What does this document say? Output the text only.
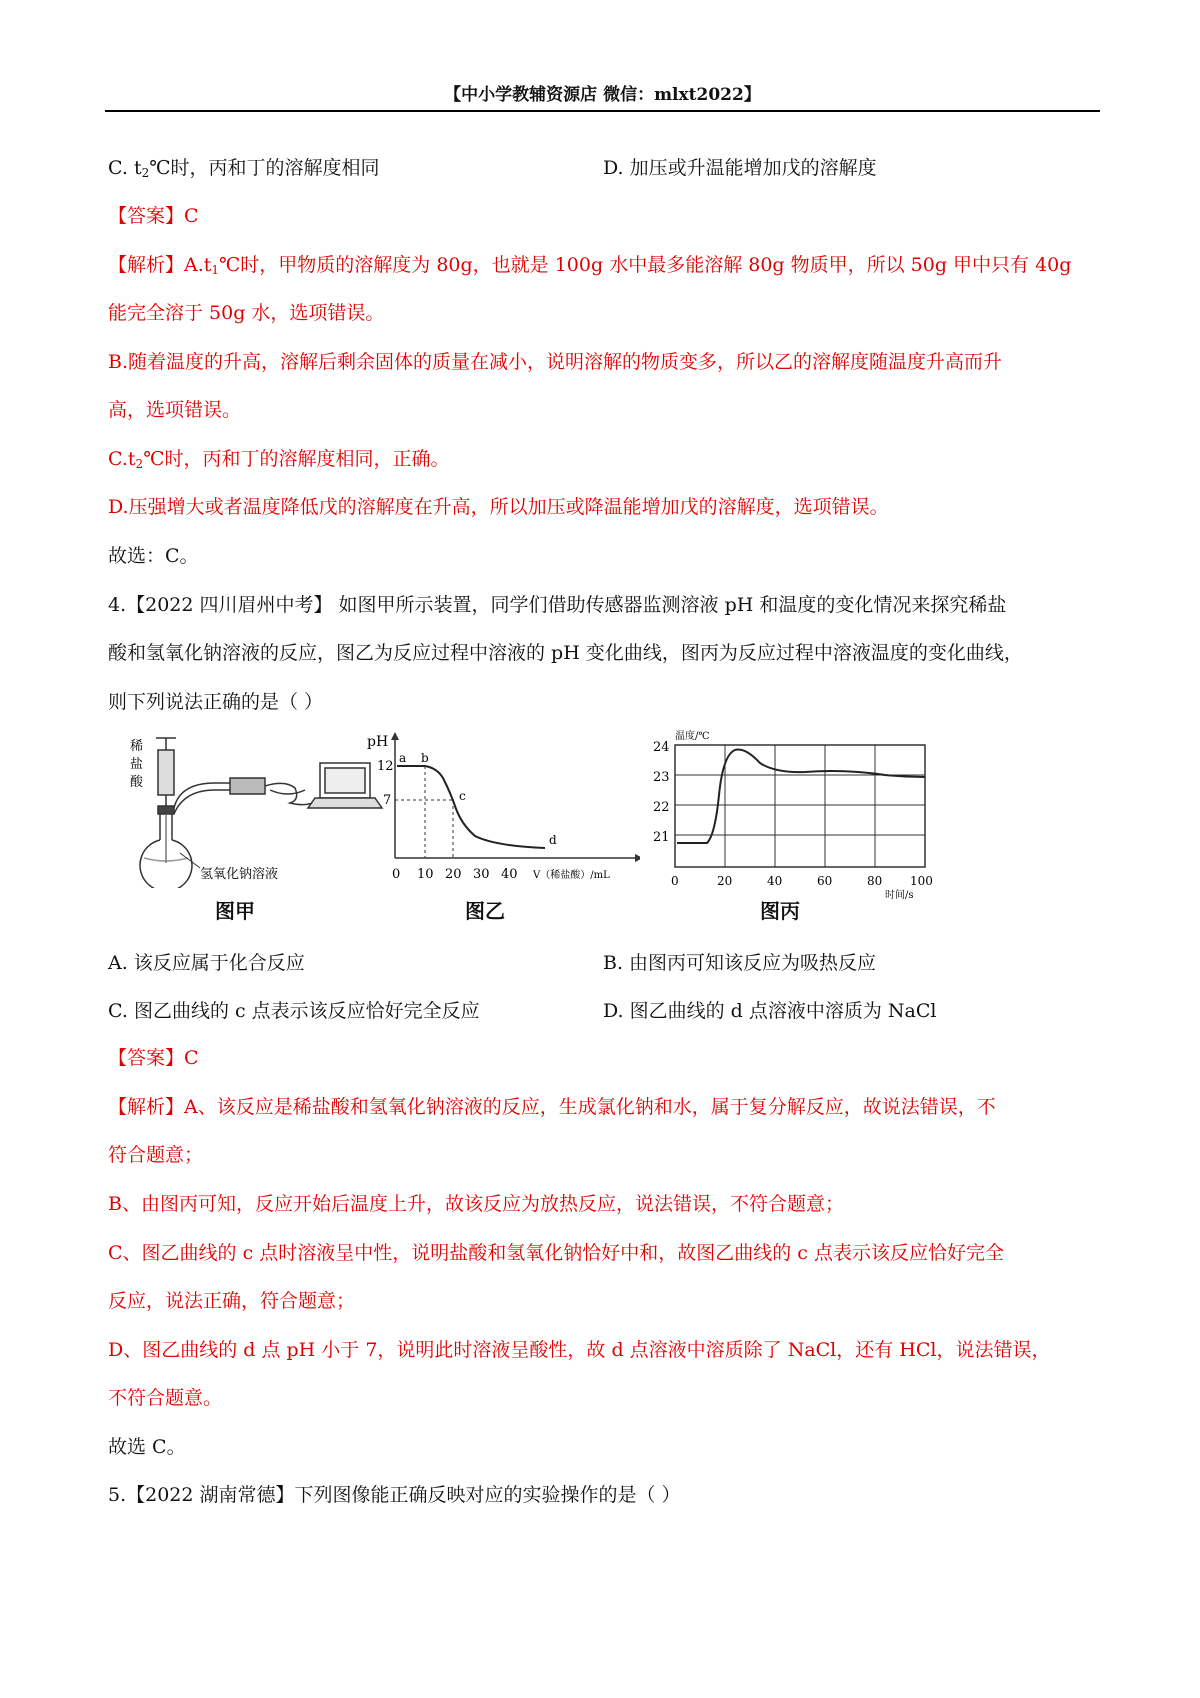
【中小学教辅资源店 微信：mlxt2022】
C. $t_2℃$时，丙和丁的溶解度相同	D. 加压或升温能增加戊的溶解度
【答案】C
【解析】$A.t_1℃$时，甲物质的溶解度为 80g，也就是 100g 水中最多能溶解 80g 物质甲，所以 50g 甲中只有 40g
能完全溶于 50g 水，选项错误。
B.随着温度的升高，溶解后剩余固体的质量在减小，说明溶解的物质变多，所以乙的溶解度随温度升高而升
高，选项错误。
$C.t_2℃$时，丙和丁的溶解度相同，正确。
D.压强增大或者温度降低戊的溶解度在升高，所以加压或降温能增加戊的溶解度，选项错误。
故选：C。
4.【2022 四川眉州中考】 如图甲所示装置，同学们借助传感器监测溶液 pH 和温度的变化情况来探究稀盐
酸和氢氧化钠溶液的反应，图乙为反应过程中溶液的 pH 变化曲线，图丙为反应过程中溶液温度的变化曲线，
则下列说法正确的是（ ）
稀
盐
酸
氢氧化钠溶液
图甲
pH
12
7
a b
c
d
0 10 20 30 40 V（稀盐酸）/mL
图乙
温度/℃
24
23
22
21
0	20	40	60	80 100
时间/s
图丙
A. 该反应属于化合反应	B. 由图丙可知该反应为吸热反应
C. 图乙曲线的 c 点表示该反应恰好完全反应	D. 图乙曲线的 d 点溶液中溶质为 NaCl
【答案】C
【解析】A、该反应是稀盐酸和氢氧化钠溶液的反应，生成氯化钠和水，属于复分解反应，故说法错误，不
符合题意；
B、由图丙可知，反应开始后温度上升，故该反应为放热反应，说法错误，不符合题意；
C、图乙曲线的 c 点时溶液呈中性，说明盐酸和氢氧化钠恰好中和，故图乙曲线的 c 点表示该反应恰好完全
反应，说法正确，符合题意；
D、图乙曲线的 d 点 pH 小于 7，说明此时溶液呈酸性，故 d 点溶液中溶质除了 NaCl，还有 HCl，说法错误，
不符合题意。
故选 C。
5.【2022 湖南常德】下列图像能正确反映对应的实验操作的是（ ）
